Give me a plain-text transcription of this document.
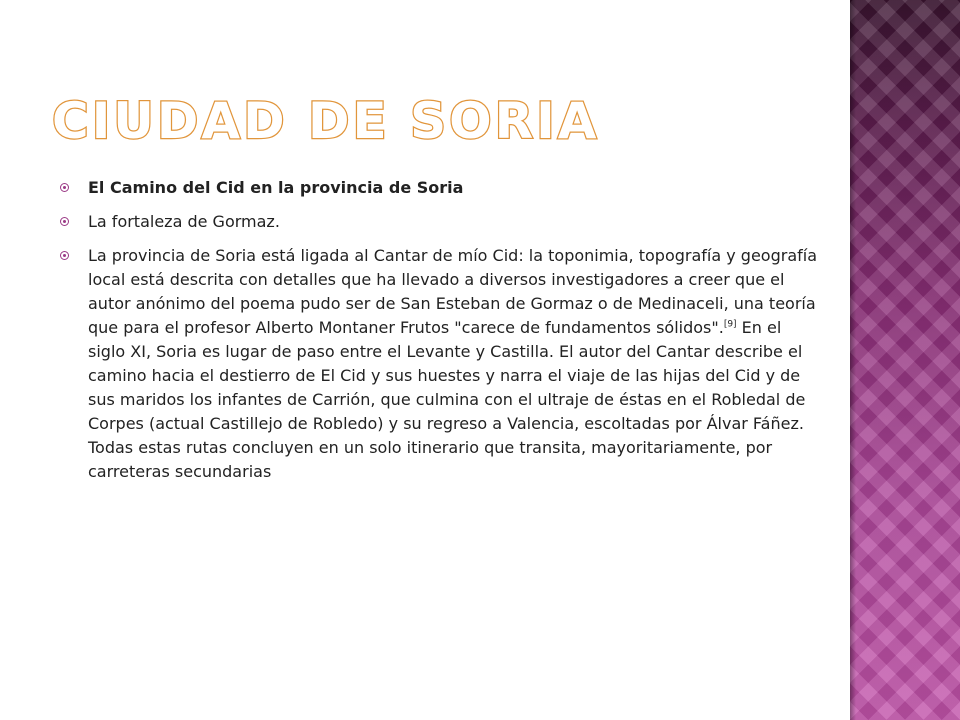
CIUDAD DE SORIA
El Camino del Cid en la provincia de Soria
La fortaleza de Gormaz.
La provincia de Soria está ligada al Cantar de mío Cid: la toponimia, topografía y geografía local está descrita con detalles que ha llevado a diversos investigadores a creer que el autor anónimo del poema pudo ser de San Esteban de Gormaz o de Medinaceli, una teoría que para el profesor Alberto Montaner Frutos "carece de fundamentos sólidos".[9] En el siglo XI, Soria es lugar de paso entre el Levante y Castilla. El autor del Cantar describe el camino hacia el destierro de El Cid y sus huestes y narra el viaje de las hijas del Cid y de sus maridos los infantes de Carrión, que culmina con el ultraje de éstas en el Robledal de Corpes (actual Castillejo de Robledo) y su regreso a Valencia, escoltadas por Álvar Fáñez. Todas estas rutas concluyen en un solo itinerario que transita, mayoritariamente, por carreteras secundarias
